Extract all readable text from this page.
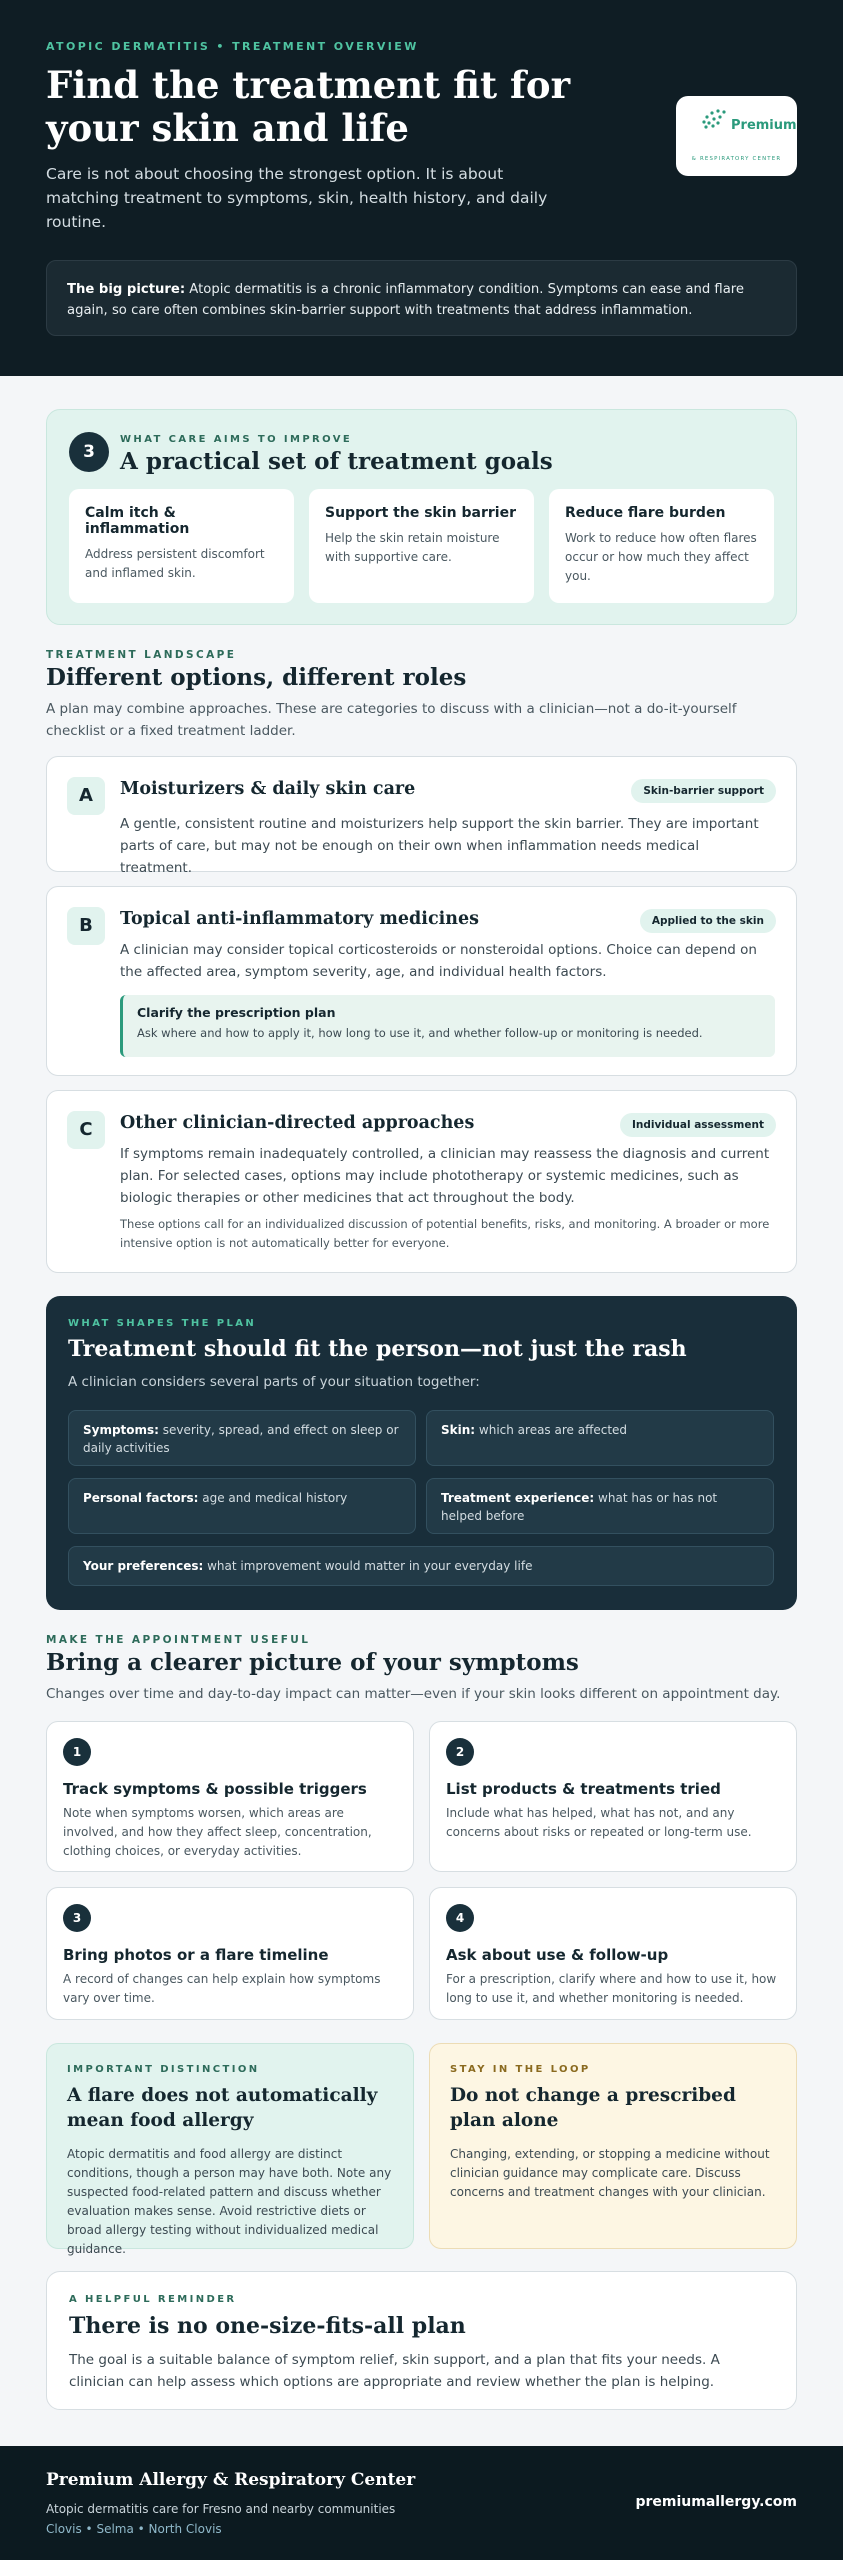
ATOPIC DERMATITIS • TREATMENT OVERVIEW
Find the treatment fit for your skin and life

Care is not about choosing the strongest option. It is about matching treatment to symptoms, skin, health history, and daily routine.

Premium
& RESPIRATORY CENTER
The big picture: Atopic dermatitis is a chronic inflammatory condition. Symptoms can ease and flare again, so care often combines skin-barrier support with treatments that address inflammation.
3
WHAT CARE AIMS TO IMPROVE
A practical set of treatment goals
Calm itch & inflammation

Address persistent discomfort and inflamed skin.

Support the skin barrier

Help the skin retain moisture with supportive care.

Reduce flare burden

Work to reduce how often flares occur or how much they affect you.

TREATMENT LANDSCAPE
Different options, different roles

A plan may combine approaches. These are categories to discuss with a clinician—not a do-it-yourself checklist or a fixed treatment ladder.

A	Moisturizers & daily skin care	Skin-barrier support

A gentle, consistent routine and moisturizers help support the skin barrier. They are important parts of care, but may not be enough on their own when inflammation needs medical treatment.

B	Topical anti-inflammatory medicines	Applied to the skin

A clinician may consider topical corticosteroids or nonsteroidal options. Choice can depend on the affected area, symptom severity, age, and individual health factors.

Clarify the prescription plan
Ask where and how to apply it, how long to use it, and whether follow-up or monitoring is needed.
C	Other clinician-directed approaches	Individual assessment

If symptoms remain inadequately controlled, a clinician may reassess the diagnosis and current plan. For selected cases, options may include phototherapy or systemic medicines, such as biologic therapies or other medicines that act throughout the body.

These options call for an individualized discussion of potential benefits, risks, and monitoring. A broader or more intensive option is not automatically better for everyone.

WHAT SHAPES THE PLAN
Treatment should fit the person—not just the rash
A clinician considers several parts of your situation together:
Symptoms: severity, spread, and effect on sleep or daily activities
Skin: which areas are affected
Personal factors: age and medical history	Treatment experience: what has or has not helped before
Your preferences: what improvement would matter in your everyday life
MAKE THE APPOINTMENT USEFUL
Bring a clearer picture of your symptoms

Changes over time and day-to-day impact can matter—even if your skin looks different on appointment day.

1
Track symptoms & possible triggers

Note when symptoms worsen, which areas are involved, and how they affect sleep, concentration, clothing choices, or everyday activities.

2
List products & treatments tried

Include what has helped, what has not, and any concerns about risks or repeated or long-term use.

3
Bring photos or a flare timeline

A record of changes can help explain how symptoms vary over time.

4
Ask about use & follow-up

For a prescription, clarify where and how to use it, how long to use it, and whether monitoring is needed.

IMPORTANT DISTINCTION
A flare does not automatically mean food allergy

Atopic dermatitis and food allergy are distinct conditions, though a person may have both. Note any suspected food-related pattern and discuss whether evaluation makes sense. Avoid restrictive diets or broad allergy testing without individualized medical guidance.

STAY IN THE LOOP
Do not change a prescribed plan alone

Changing, extending, or stopping a medicine without clinician guidance may complicate care. Discuss concerns and treatment changes with your clinician.

A HELPFUL REMINDER
There is no one-size-fits-all plan

The goal is a suitable balance of symptom relief, skin support, and a plan that fits your needs. A clinician can help assess which options are appropriate and review whether the plan is helping.

Premium Allergy & Respiratory Center
Atopic dermatitis care for Fresno and nearby communities
Clovis • Selma • North Clovis
premiumallergy.com
